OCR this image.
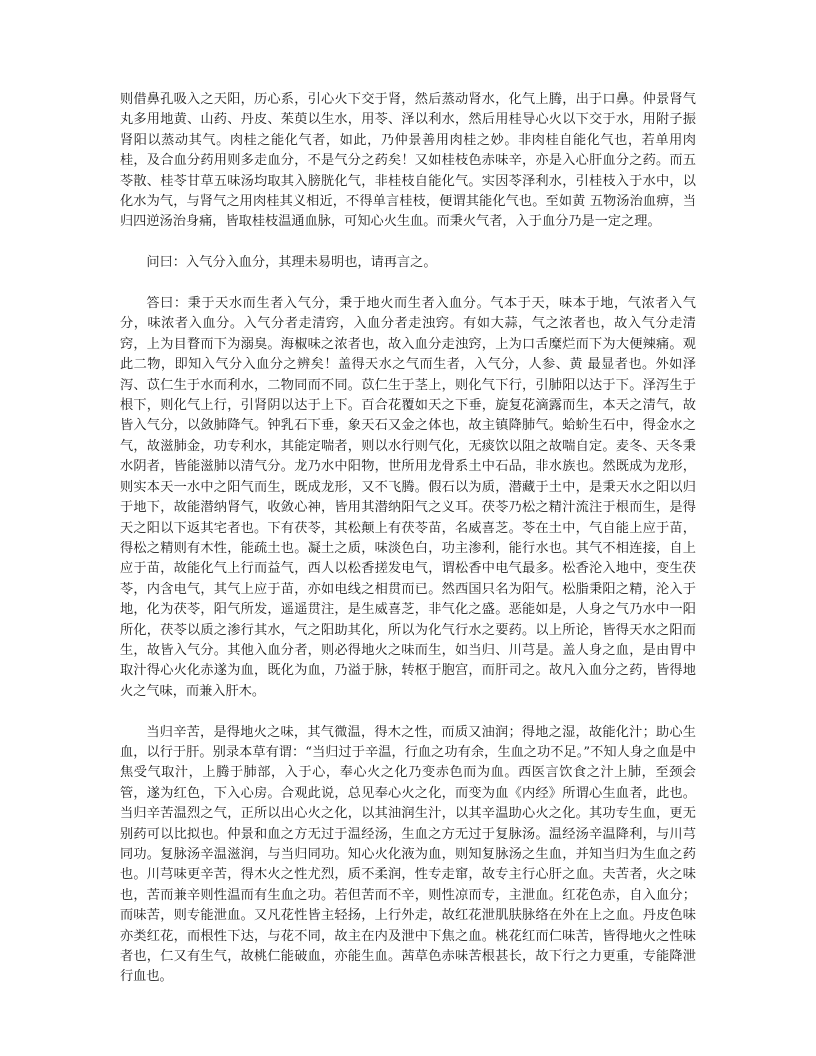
则借鼻孔吸入之天阳，历心系，引心火下交于肾，然后蒸动肾水，化气上腾，出于口鼻。仲景肾气丸多用地黄、山药、丹皮、茱萸以生水，用苓、泽以利水，然后用桂导心火以下交于水，用附子振肾阳以蒸动其气。肉桂之能化气者，如此，乃仲景善用肉桂之妙。非肉桂自能化气也，若单用肉桂，及合血分药用则多走血分，不是气分之药矣！又如桂枝色赤味辛，亦是入心肝血分之药。而五苓散、桂苓甘草五味汤均取其入膀胱化气，非桂枝自能化气。实因苓泽利水，引桂枝入于水中，以化水为气，与肾气之用肉桂其义相近，不得单言桂枝，便谓其能化气也。至如黄 五物汤治血痹，当归四逆汤治身痛，皆取桂枝温通血脉，可知心火生血。而秉火气者，入于血分乃是一定之理。

问曰：入气分入血分，其理未易明也，请再言之。

答曰：秉于天水而生者入气分，秉于地火而生者入血分。气本于天，味本于地，气浓者入气分，味浓者入血分。入气分者走清窍，入血分者走浊窍。有如大蒜，气之浓者也，故入气分走清窍，上为目瞀而下为溺臭。海椒味之浓者也，故入血分走浊窍，上为口舌糜烂而下为大便辣痛。观此二物，即知入气分入血分之辨矣！盖得天水之气而生者，入气分，人参、黄 最显者也。外如泽泻、苡仁生于水而利水，二物同而不同。苡仁生于茎上，则化气下行，引肺阳以达于下。泽泻生于根下，则化气上行，引肾阴以达于上下。百合花覆如天之下垂，旋复花滴露而生，本天之清气，故皆入气分，以敛肺降气。钟乳石下垂，象天石又金之体也，故主镇降肺气。蛤蚧生石中，得金水之气，故滋肺金，功专利水，其能定喘者，则以水行则气化，无痰饮以阻之故喘自定。麦冬、天冬秉水阴者，皆能滋肺以清气分。龙乃水中阳物，世所用龙骨系土中石品，非水族也。然既成为龙形，则实本天一水中之阳气而生，既成龙形，又不飞腾。假石以为质，潜藏于土中，是秉天水之阳以归于地下，故能潜纳肾气，收敛心神，皆用其潜纳阳气之义耳。茯苓乃松之精汁流注于根而生，是得天之阳以下返其宅者也。下有茯苓，其松颠上有茯苓苗，名威喜芝。苓在土中，气自能上应于苗，得松之精则有木性，能疏土也。凝土之质，味淡色白，功主渗利，能行水也。其气不相连接，自上应于苗，故能化气上行而益气，西人以松香搓发电气，谓松香中电气最多。松香沦入地中，变生茯苓，内含电气，其气上应于苗，亦如电线之相贯而已。然西国只名为阳气。松脂秉阳之精，沦入于地，化为茯苓，阳气所发，遥遥贯注，是生威喜芝，非气化之盛。恶能如是，人身之气乃水中一阳所化，茯苓以质之渗行其水，气之阳助其化，所以为化气行水之要药。以上所论，皆得天水之阳而生，故皆入气分。其他入血分者，则必得地火之味而生，如当归、川芎是。盖人身之血，是由胃中取汁得心火化赤遂为血，既化为血，乃溢于脉，转枢于胞宫，而肝司之。故凡入血分之药，皆得地火之气味，而兼入肝木。

当归辛苦，是得地火之味，其气微温，得木之性，而质又油润；得地之湿，故能化汁；助心生血，以行于肝。别录本草有谓：“当归过于辛温，行血之功有余，生血之功不足。”不知人身之血是中焦受气取汁，上腾于肺部，入于心，奉心火之化乃变赤色而为血。西医言饮食之汁上肺，至颈会管，遂为红色，下入心房。合观此说，总见奉心火之化，而变为血《内经》所谓心生血者，此也。当归辛苦温烈之气，正所以出心火之化，以其油润生汁，以其辛温助心火之化。其功专生血，更无别药可以比拟也。仲景和血之方无过于温经汤，生血之方无过于复脉汤。温经汤辛温降利，与川芎同功。复脉汤辛温滋润，与当归同功。知心火化液为血，则知复脉汤之生血，并知当归为生血之药也。川芎味更辛苦，得木火之性尤烈，质不柔润，性专走窜，故专主行心肝之血。夫苦者，火之味也，苦而兼辛则性温而有生血之功。若但苦而不辛，则性凉而专，主泄血。红花色赤，自入血分；而味苦，则专能泄血。又凡花性皆主轻扬，上行外走，故红花泄肌肤脉络在外在上之血。丹皮色味亦类红花，而根性下达，与花不同，故主在内及泄中下焦之血。桃花红而仁味苦，皆得地火之性味者也，仁又有生气，故桃仁能破血，亦能生血。茜草色赤味苦根甚长，故下行之力更重，专能降泄行血也。
